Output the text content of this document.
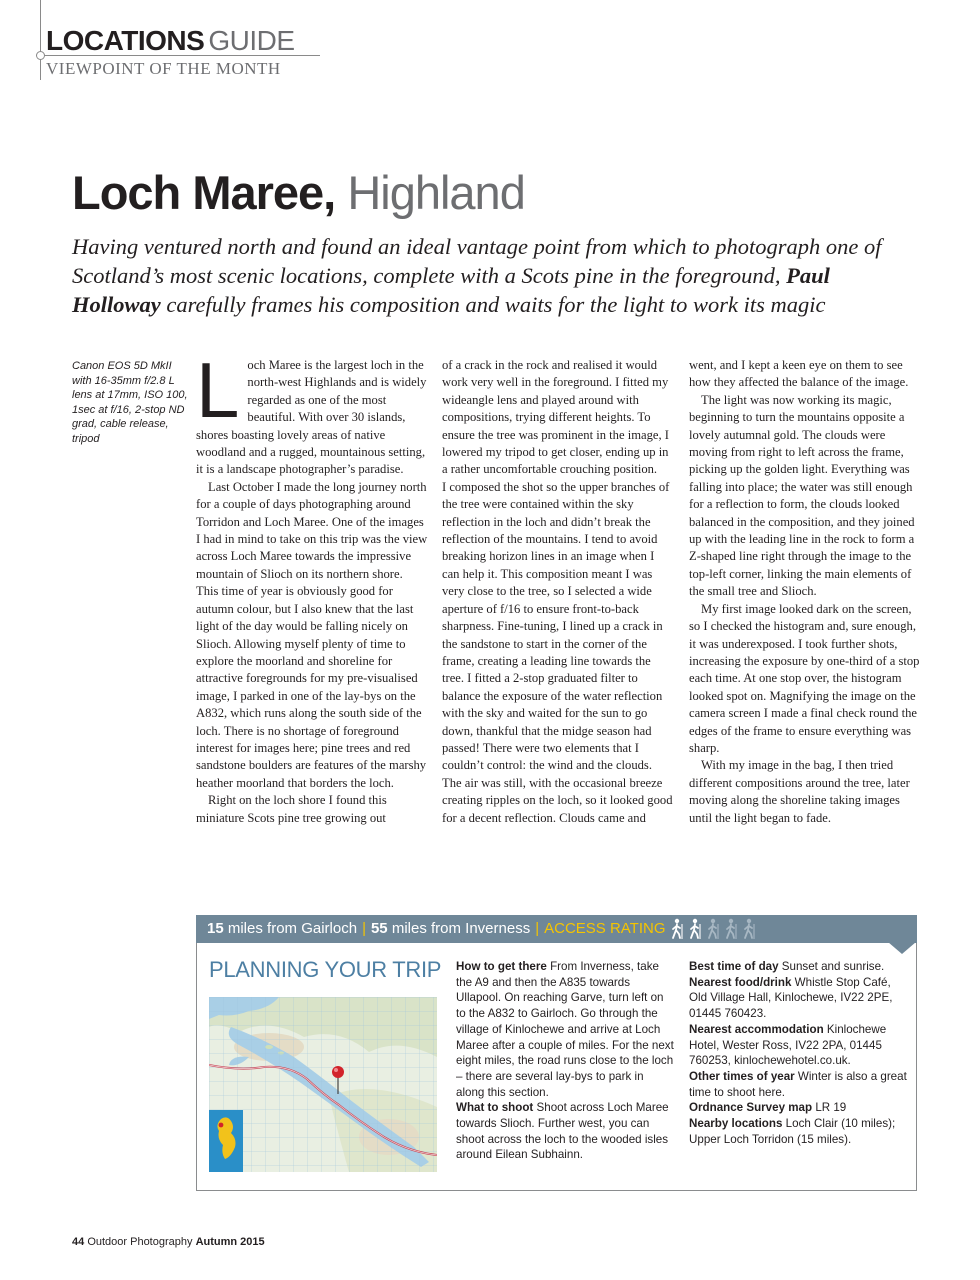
LOCATIONS GUIDE
VIEWPOINT OF THE MONTH
Loch Maree, Highland
Having ventured north and found an ideal vantage point from which to photograph one of Scotland’s most scenic locations, complete with a Scots pine in the foreground, Paul Holloway carefully frames his composition and waits for the light to work its magic
Canon EOS 5D MkII with 16-35mm f/2.8 L lens at 17mm, ISO 100, 1sec at f/16, 2-stop ND grad, cable release, tripod

Loch Maree is the largest loch in the north-west Highlands and is widely regarded as one of the most beautiful. With over 30 islands, shores boasting lovely areas of native woodland and a rugged, mountainous setting, it is a landscape photographer’s paradise.

Last October I made the long journey north for a couple of days photographing around Torridon and Loch Maree. One of the images I had in mind to take on this trip was the view across Loch Maree towards the impressive mountain of Slioch on its northern shore. This time of year is obviously good for autumn colour, but I also knew that the last light of the day would be falling nicely on Slioch. Allowing myself plenty of time to explore the moorland and shoreline for attractive foregrounds for my pre-visualised image, I parked in one of the lay-bys on the A832, which runs along the south side of the loch. There is no shortage of foreground interest for images here; pine trees and red sandstone boulders are features of the marshy heather moorland that borders the loch.

Right on the loch shore I found this miniature Scots pine tree growing out

of a crack in the rock and realised it would work very well in the foreground. I fitted my wideangle lens and played around with compositions, trying different heights. To ensure the tree was prominent in the image, I lowered my tripod to get closer, ending up in a rather uncomfortable crouching position.

I composed the shot so the upper branches of the tree were contained within the sky reflection in the loch and didn’t break the reflection of the mountains. I tend to avoid breaking horizon lines in an image when I can help it. This composition meant I was very close to the tree, so I selected a wide aperture of f/16 to ensure front-to-back sharpness. Fine-tuning, I lined up a crack in the sandstone to start in the corner of the frame, creating a leading line towards the tree. I fitted a 2-stop graduated filter to balance the exposure of the water reflection with the sky and waited for the sun to go down, thankful that the midge season had passed! There were two elements that I couldn’t control: the wind and the clouds. The air was still, with the occasional breeze creating ripples on the loch, so it looked good for a decent reflection. Clouds came and

went, and I kept a keen eye on them to see how they affected the balance of the image.

The light was now working its magic, beginning to turn the mountains opposite a lovely autumnal gold. The clouds were moving from right to left across the frame, picking up the golden light. Everything was falling into place; the water was still enough for a reflection to form, the clouds looked balanced in the composition, and they joined up with the leading line in the rock to form a Z-shaped line right through the image to the top-left corner, linking the main elements of the small tree and Slioch.

My first image looked dark on the screen, so I checked the histogram and, sure enough, it was underexposed. I took further shots, increasing the exposure by one-third of a stop each time. At one stop over, the histogram looked spot on. Magnifying the image on the camera screen I made a final check round the edges of the frame to ensure everything was sharp.

With my image in the bag, I then tried different compositions around the tree, later moving along the shoreline taking images until the light began to fade.

15 miles from Gairloch | 55 miles from Inverness | ACCESS RATING
PLANNING YOUR TRIP How to get there From Inverness, take the A9 and then the A835 towards Ullapool. On reaching Garve, turn left on to the A832 to Gairloch. Go through the village of Kinlochewe and arrive at Loch Maree after a couple of miles. For the next eight miles, the road runs close to the loch – there are several lay-bys to park in along this section.

What to shoot Shoot across Loch Maree towards Slioch. Further west, you can shoot across the loch to the wooded isles around Eilean Subhainn.

Best time of day Sunset and sunrise.

Nearest food/drink Whistle Stop Café, Old Village Hall, Kinlochewe, IV22 2PE, 01445 760423.

Nearest accommodation Kinlochewe Hotel, Wester Ross, IV22 2PA, 01445 760253, kinlochewehotel.co.uk.

Other times of year Winter is also a great time to shoot here.

Ordnance Survey map LR 19

Nearby locations Loch Clair (10 miles); Upper Loch Torridon (15 miles).

44 Outdoor Photography Autumn 2015
